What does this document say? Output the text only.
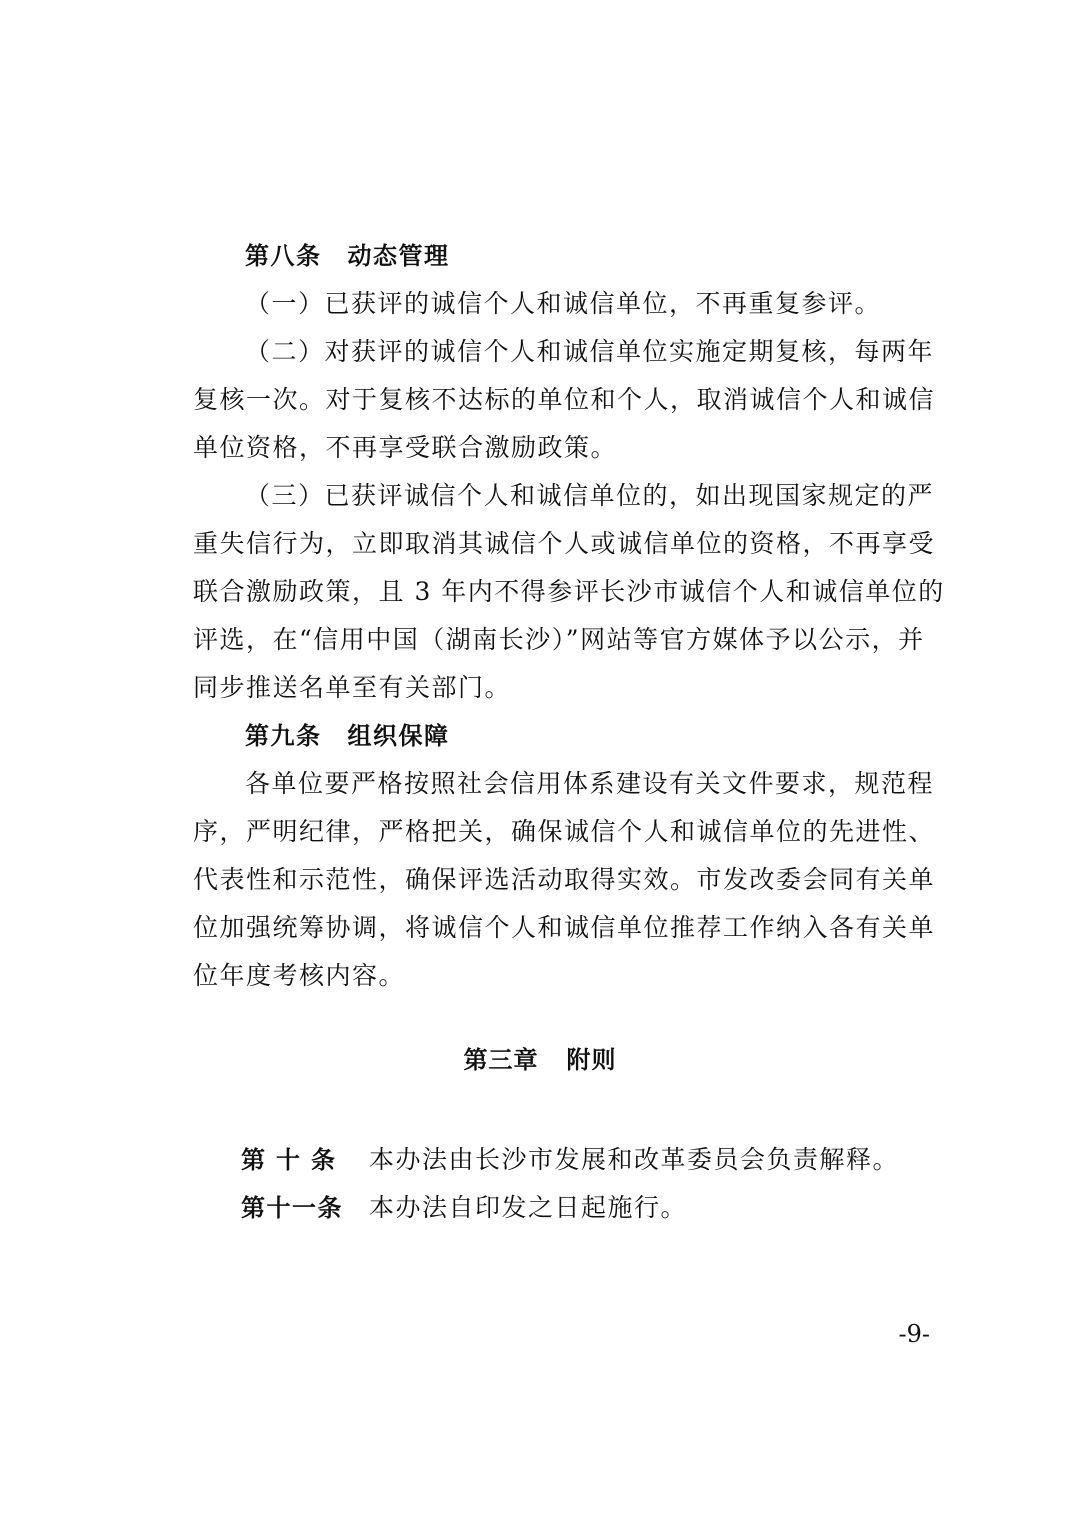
第八条 动态管理
（一）已获评的诚信个人和诚信单位，不再重复参评。
（二）对获评的诚信个人和诚信单位实施定期复核，每两年
复核一次。对于复核不达标的单位和个人，取消诚信个人和诚信
单位资格，不再享受联合激励政策。
（三）已获评诚信个人和诚信单位的，如出现国家规定的严
重失信行为，立即取消其诚信个人或诚信单位的资格，不再享受
联合激励政策，且 3 年内不得参评长沙市诚信个人和诚信单位的
评选，在“信用中国（湖南长沙）”网站等官方媒体予以公示，并
同步推送名单至有关部门。
第九条 组织保障
各单位要严格按照社会信用体系建设有关文件要求，规范程
序，严明纪律，严格把关，确保诚信个人和诚信单位的先进性、
代表性和示范性，确保评选活动取得实效。市发改委会同有关单
位加强统筹协调，将诚信个人和诚信单位推荐工作纳入各有关单
位年度考核内容。
第三章 附则
第十条 本办法由长沙市发展和改革委员会负责解释。
第十一条 本办法自印发之日起施行。
-9-
